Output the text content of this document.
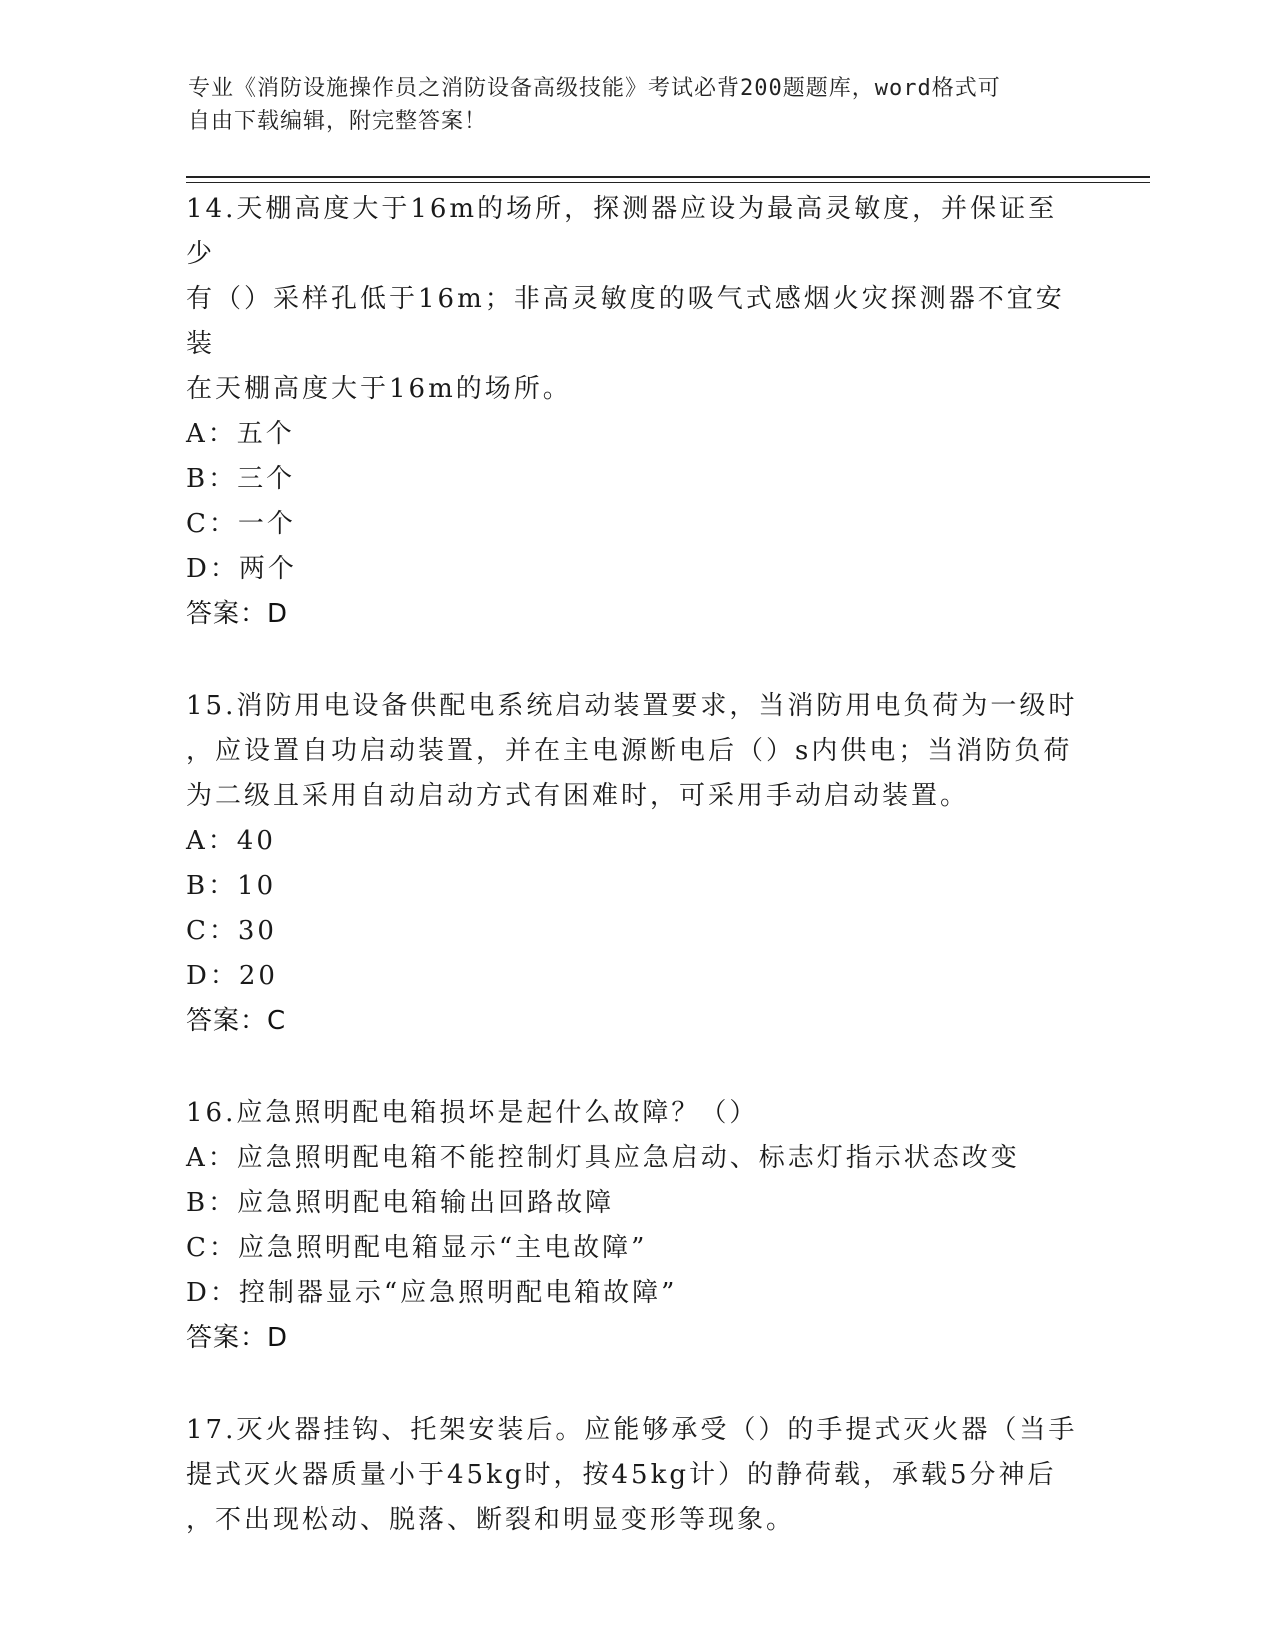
专业《消防设施操作员之消防设备高级技能》考试必背200题题库，word格式可
自由下载编辑，附完整答案！

14.天棚高度大于16m的场所，探测器应设为最高灵敏度，并保证至少

有（）采样孔低于16m；非高灵敏度的吸气式感烟火灾探测器不宜安装

在天棚高度大于16m的场所。

A：五个

B：三个

C：一个

D：两个

答案：D

15.消防用电设备供配电系统启动装置要求，当消防用电负荷为一级时

，应设置自功启动装置，并在主电源断电后（）s内供电；当消防负荷

为二级且采用自动启动方式有困难时，可采用手动启动装置。

A：40

B：10

C：30

D：20

答案：C

16.应急照明配电箱损坏是起什么故障？（）

A：应急照明配电箱不能控制灯具应急启动、标志灯指示状态改变

B：应急照明配电箱输出回路故障

C：应急照明配电箱显示“主电故障”

D：控制器显示“应急照明配电箱故障”

答案：D

17.灭火器挂钩、托架安装后。应能够承受（）的手提式灭火器（当手

提式灭火器质量小于45kg时，按45kg计）的静荷载，承载5分神后

，不出现松动、脱落、断裂和明显变形等现象。
